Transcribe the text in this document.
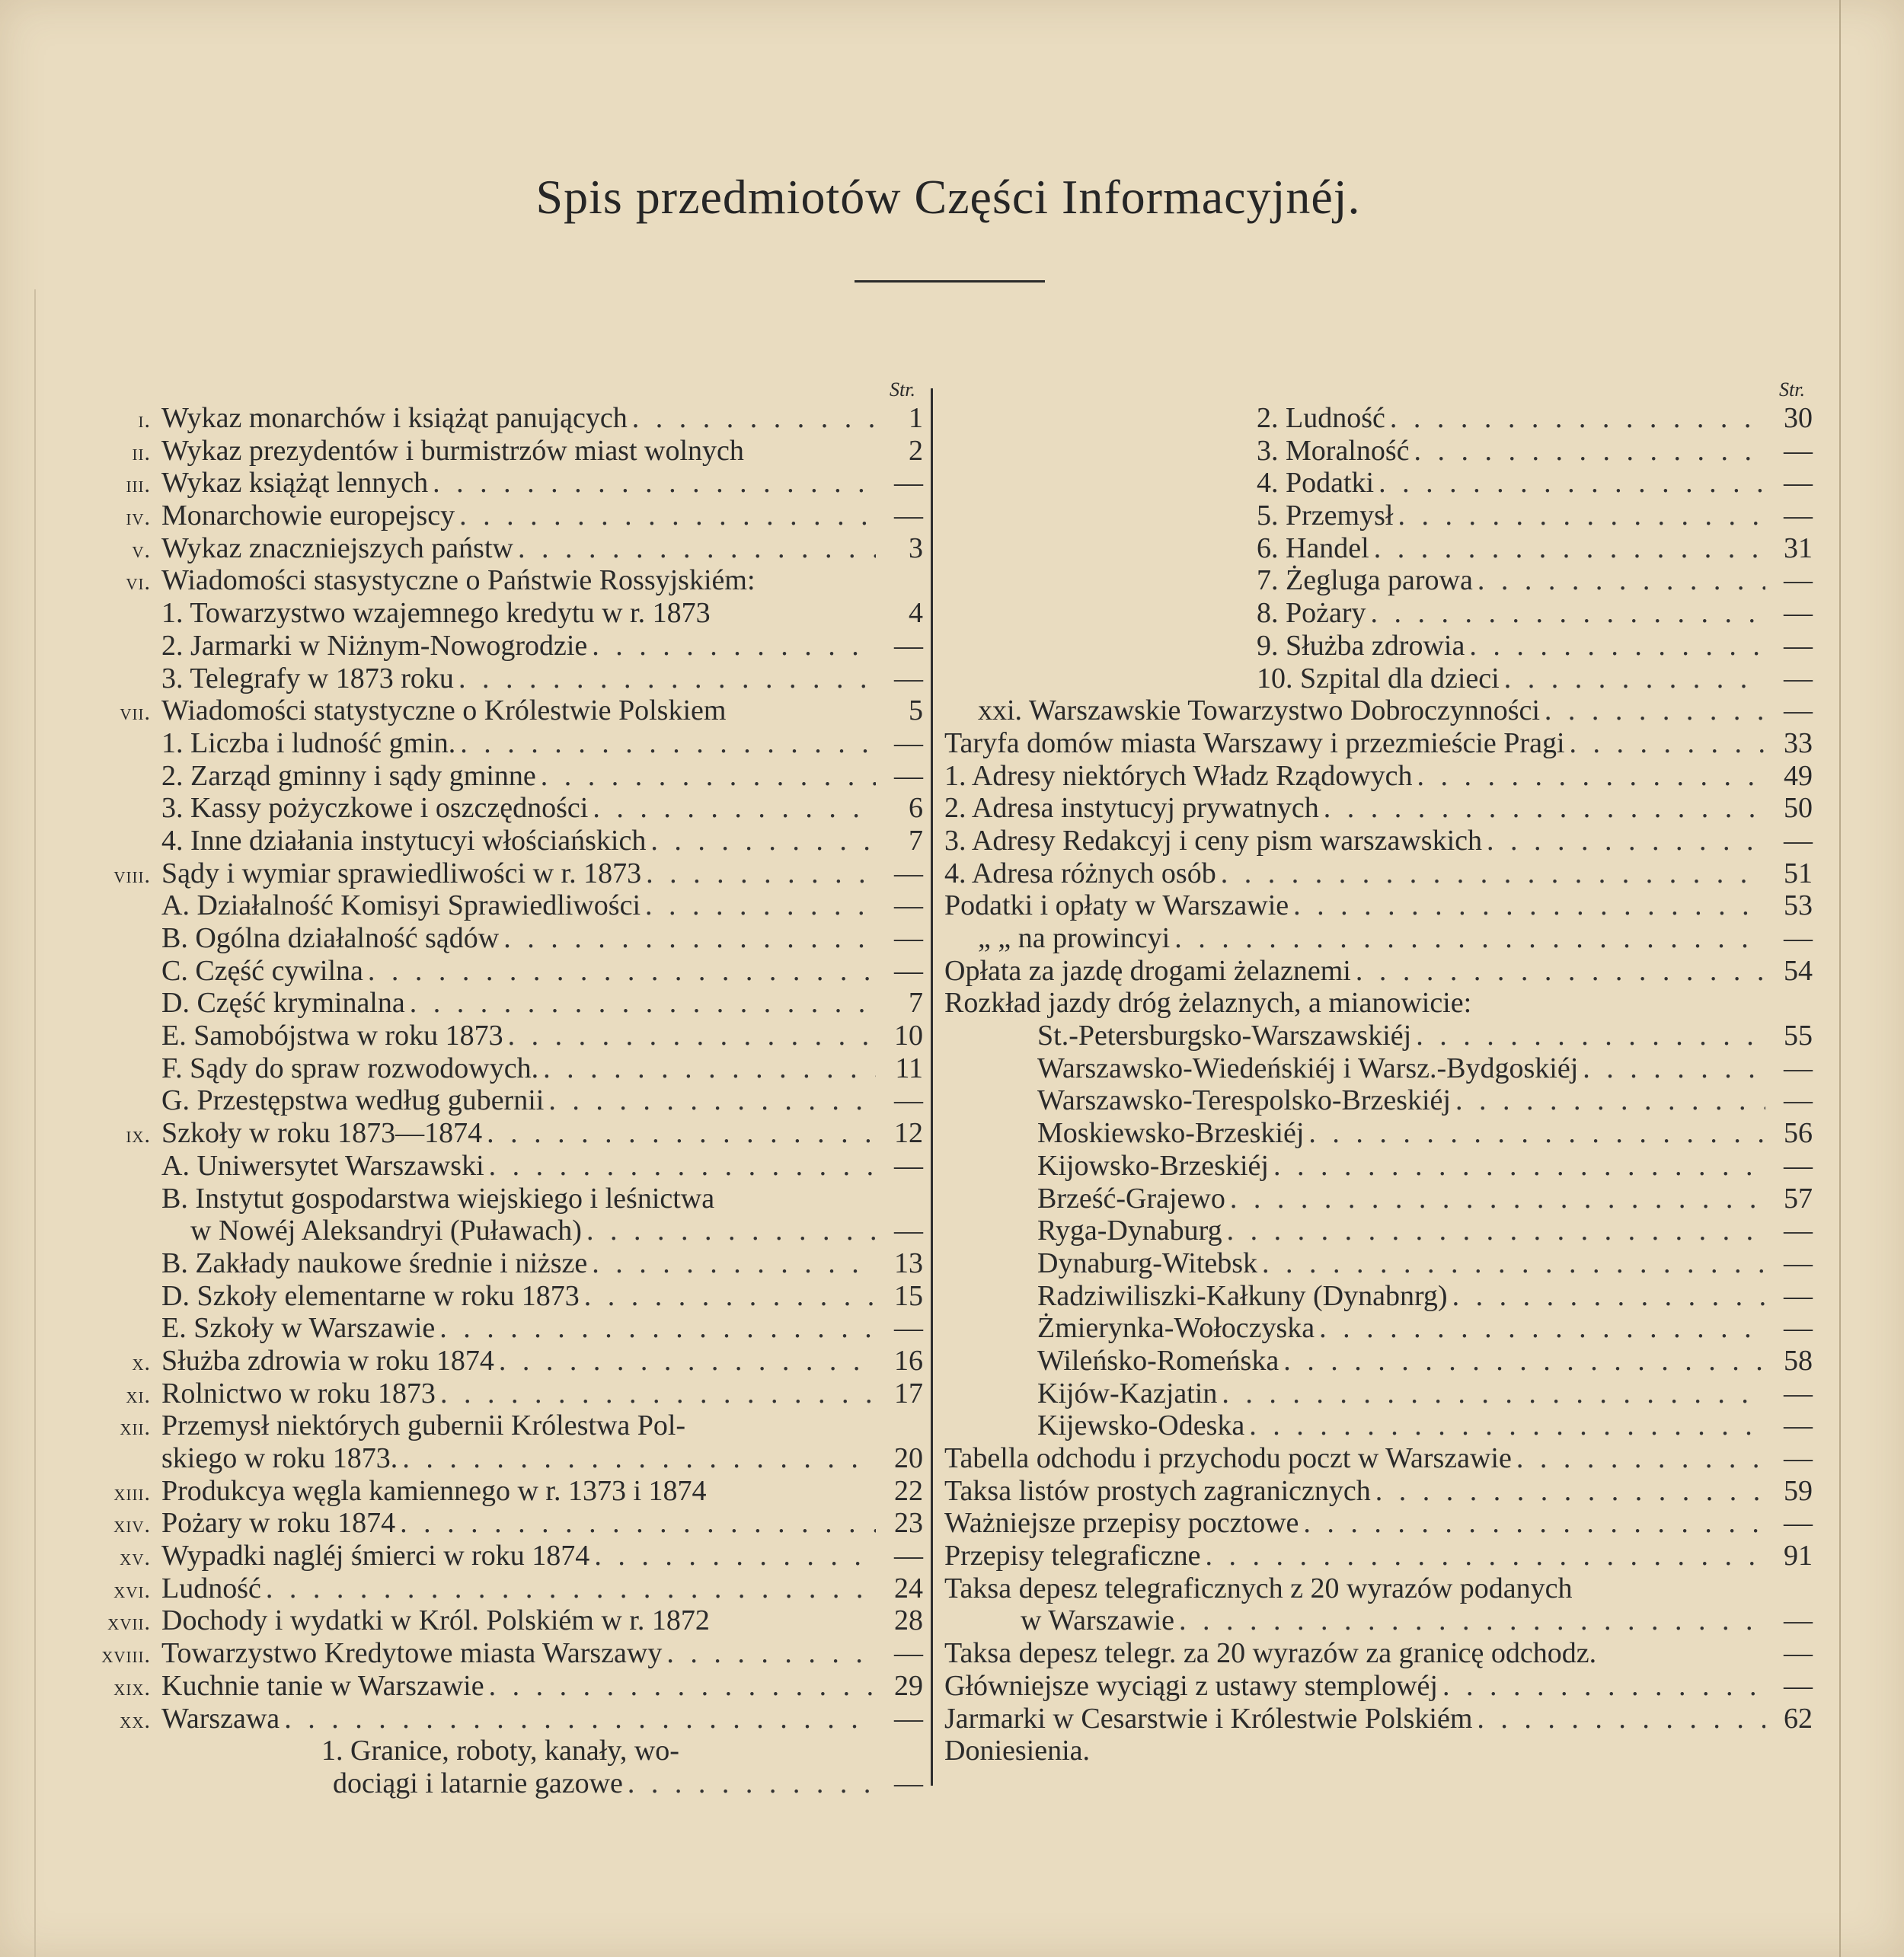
Spis przedmiotów Części Informacyjnéj.
Str.
i. Wykaz monarchów i książąt panujących . . .	1
ii. Wykaz prezydentów i burmistrzów miast wolnych	2
iii. Wykaz książąt lennych . . .	—
iv. Monarchowie europejscy . . .	—
v. Wykaz znaczniejszych państw . . .	3
vi. Wiadomości stasystyczne o Państwie Rossyjskiém:
1. Towarzystwo wzajemnego kredytu w r. 1873	4
2. Jarmarki w Niżnym-Nowogrodzie . . .	—
3. Telegrafy w 1873 roku . . .	—
vii. Wiadomości statystyczne o Królestwie Polskiem	5
1. Liczba i ludność gmin. . . .	—
2. Zarząd gminny i sądy gminne . . .	—
3. Kassy pożyczkowe i oszczędności . . .	6
4. Inne działania instytucyi włościańskich . . .	7
viii. Sądy i wymiar sprawiedliwości w r. 1873 . . .	—
A. Działalność Komisyi Sprawiedliwości . . .	—
B. Ogólna działalność sądów . . .	—
C. Część cywilna . . .	—
D. Część kryminalna . . .	7
E. Samobójstwa w roku 1873 . . .	10
F. Sądy do spraw rozwodowych. . . .	11
G. Przestępstwa według gubernii . . .	—
ix. Szkoły w roku 1873—1874 . . .	12
A. Uniwersytet Warszawski . . .	—
B. Instytut gospodarstwa wiejskiego i leśnictwa
w Nowéj Aleksandryi (Puławach) . . .	—
B. Zakłady naukowe średnie i niższe . . .	13
D. Szkoły elementarne w roku 1873 . . .	15
E. Szkoły w Warszawie . . .	—
x. Służba zdrowia w roku 1874 . . .	16
xi. Rolnictwo w roku 1873 . . .	17
xii. Przemysł niektórych gubernii Królestwa Pol-
skiego w roku 1873. . . .	20
xiii. Produkcya węgla kamiennego w r. 1373 i 1874	22
xiv. Pożary w roku 1874 . . .	23
xv. Wypadki nagléj śmierci w roku 1874 . . .	—
xvi. Ludność . . .	24
xvii. Dochody i wydatki w Król. Polskiém w r. 1872	28
xviii. Towarzystwo Kredytowe miasta Warszawy . . .	—
xix. Kuchnie tanie w Warszawie . . .	29
xx. Warszawa . . .	—
1. Granice, roboty, kanały, wo-
dociągi i latarnie gazowe . . .	—
Str.
2. Ludność . . .	30
3. Moralność . . .	—
4. Podatki . . .	—
5. Przemysł . . .	—
6. Handel . . .	31
7. Żegluga parowa . . .	—
8. Pożary . . .	—
9. Służba zdrowia . . .	—
10. Szpital dla dzieci . . .	—
xxi. Warszawskie Towarzystwo Dobroczynności . . .	—
Taryfa domów miasta Warszawy i przezmieście Pragi . . .	33
1. Adresy niektórych Władz Rządowych . . .	49
2. Adresa instytucyj prywatnych . . .	50
3. Adresy Redakcyj i ceny pism warszawskich . . .	—
4. Adresa różnych osób . . .	51
Podatki i opłaty w Warszawie . . .	53
„ „ na prowincyi . . .	—
Opłata za jazdę drogami żelaznemi . . .	54
Rozkład jazdy dróg żelaznych, a mianowicie:
St.-Petersburgsko-Warszawskiéj . . .	55
Warszawsko-Wiedeńskiéj i Warsz.-Bydgoskiéj . . .	—
Warszawsko-Terespolsko-Brzeskiéj . . .	—
Moskiewsko-Brzeskiéj . . .	56
Kijowsko-Brzeskiéj . . .	—
Brześć-Grajewo . . .	57
Ryga-Dynaburg . . .	—
Dynaburg-Witebsk . . .	—
Radziwiliszki-Kałkuny (Dynabnrg) . . .	—
Żmierynka-Wołoczyska . . .	—
Wileńsko-Romeńska . . .	58
Kijów-Kazjatin . . .	—
Kijewsko-Odeska . . .	—
Tabella odchodu i przychodu poczt w Warszawie . . .	—
Taksa listów prostych zagranicznych . . .	59
Ważniejsze przepisy pocztowe . . .	—
Przepisy telegraficzne . . .	91
Taksa depesz telegraficznych z 20 wyrazów podanych
w Warszawie . . .	—
Taksa depesz telegr. za 20 wyrazów za granicę odchodz.	—
Główniejsze wyciągi z ustawy stemplowéj . . .	—
Jarmarki w Cesarstwie i Królestwie Polskiém . . .	62
Doniesienia.
